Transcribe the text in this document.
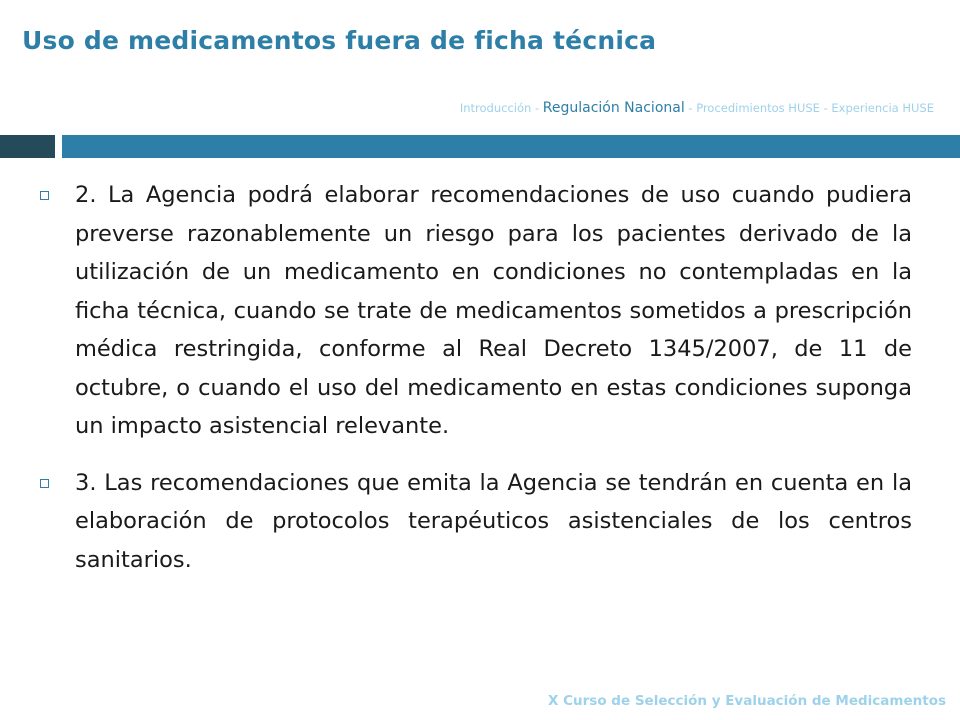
Uso de medicamentos fuera de ficha técnica
Introducción - Regulación Nacional - Procedimientos HUSE - Experiencia HUSE
2. La Agencia podrá elaborar recomendaciones de uso cuando pudiera preverse razonablemente un riesgo para los pacientes derivado de la utilización de un medicamento en condiciones no contempladas en la ficha técnica, cuando se trate de medicamentos sometidos a prescripción médica restringida, conforme al Real Decreto 1345/2007, de 11 de octubre, o cuando el uso del medicamento en estas condiciones suponga un impacto asistencial relevante.
3. Las recomendaciones que emita la Agencia se tendrán en cuenta en la elaboración de protocolos terapéuticos asistenciales de los centros sanitarios.
X Curso de Selección y Evaluación de Medicamentos
